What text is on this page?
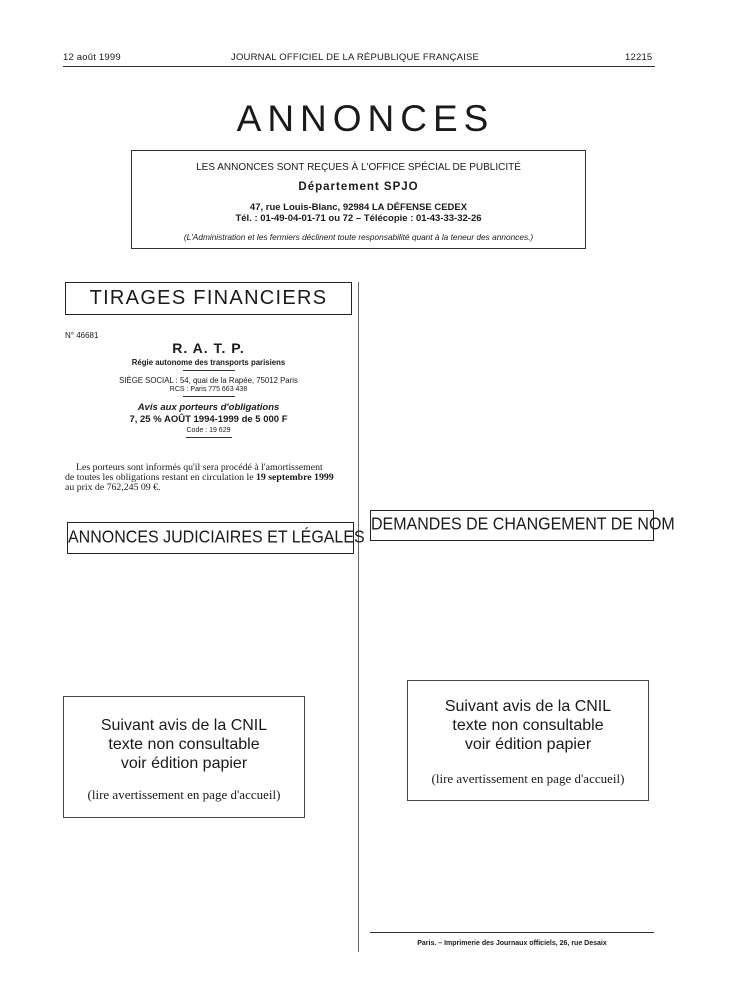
12 août 1999	JOURNAL OFFICIEL DE LA RÉPUBLIQUE FRANÇAISE	12215
ANNONCES
LES ANNONCES SONT REÇUES À L'OFFICE SPÉCIAL DE PUBLICITÉ
Département SPJO
47, rue Louis-Blanc, 92984 LA DÉFENSE CEDEX
Tél. : 01-49-04-01-71 ou 72 – Télécopie : 01-43-33-32-26
(L'Administration et les fermiers déclinent toute responsabilité quant à la teneur des annonces.)
TIRAGES FINANCIERS
N° 46681
R. A. T. P.
Régie autonome des transports parisiens
SIÈGE SOCIAL : 54, quai de la Rapée, 75012 Paris
RCS : Paris 775 663 438
Avis aux porteurs d'obligations
7, 25 % AOÛT 1994-1999 de 5 000 F
Code : 19 629
Les porteurs sont informés qu'il sera procédé à l'amortissement
de toutes les obligations restant en circulation le 19 septembre 1999
au prix de 762,245 09 €.
ANNONCES JUDICIAIRES ET LÉGALES
DEMANDES DE CHANGEMENT DE NOM
Suivant avis de la CNIL
texte non consultable
voir édition papier
(lire avertissement en page d'accueil)
Suivant avis de la CNIL
texte non consultable
voir édition papier
(lire avertissement en page d'accueil)
Paris. – Imprimerie des Journaux officiels, 26, rue Desaix
